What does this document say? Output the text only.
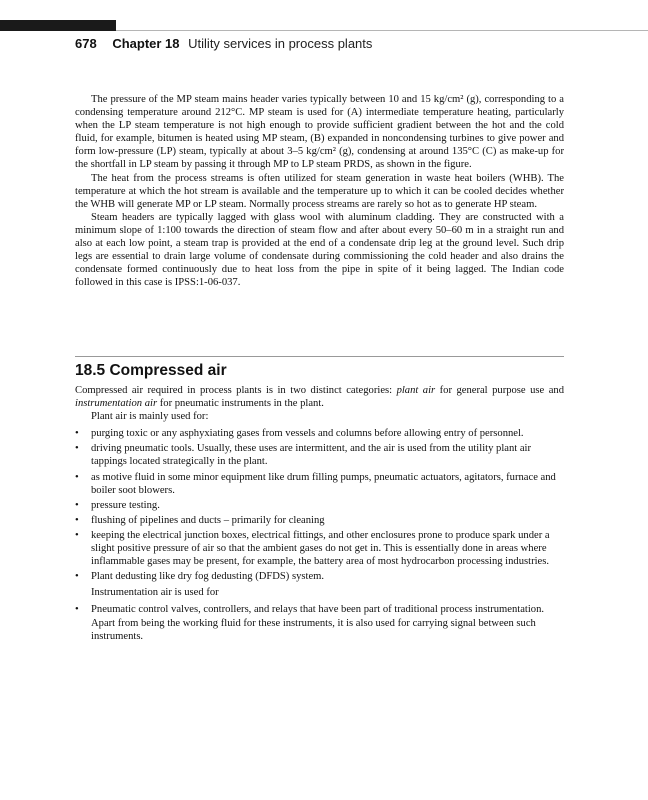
678 Chapter 18 Utility services in process plants

The pressure of the MP steam mains header varies typically between 10 and 15 kg/cm² (g), corresponding to a condensing temperature around 212°C. MP steam is used for (A) intermediate temperature heating, particularly when the LP steam temperature is not high enough to provide sufficient gradient between the hot and the cold fluid, for example, bitumen is heated using MP steam, (B) expanded in noncondensing turbines to give power and form low-pressure (LP) steam, typically at about 3–5 kg/cm² (g), condensing at around 135°C (C) as make-up for the shortfall in LP steam by passing it through MP to LP steam PRDS, as shown in the figure.

The heat from the process streams is often utilized for steam generation in waste heat boilers (WHB). The temperature at which the hot stream is available and the temperature up to which it can be cooled decides whether the WHB will generate MP or LP steam. Normally process streams are rarely so hot as to generate HP steam.

Steam headers are typically lagged with glass wool with aluminum cladding. They are constructed with a minimum slope of 1:100 towards the direction of steam flow and after about every 50–60 m in a straight run and also at each low point, a steam trap is provided at the end of a condensate drip leg at the ground level. Such drip legs are essential to drain large volume of condensate during commissioning the cold header and also drains the condensate formed continuously due to heat loss from the pipe in spite of it being lagged. The Indian code followed in this case is IPSS:1-06-037.

18.5 Compressed air

Compressed air required in process plants is in two distinct categories: plant air for general purpose use and instrumentation air for pneumatic instruments in the plant.

Plant air is mainly used for:

• purging toxic or any asphyxiating gases from vessels and columns before allowing entry of personnel.
• driving pneumatic tools. Usually, these uses are intermittent, and the air is used from the utility plant air tappings located strategically in the plant.
• as motive fluid in some minor equipment like drum filling pumps, pneumatic actuators, agitators, furnace and boiler soot blowers.
• pressure testing.
• flushing of pipelines and ducts – primarily for cleaning
• keeping the electrical junction boxes, electrical fittings, and other enclosures prone to produce spark under a slight positive pressure of air so that the ambient gases do not get in. This is essentially done in areas where inflammable gases may be present, for example, the battery area of most hydrocarbon processing industries.
• Plant dedusting like dry fog dedusting (DFDS) system.

Instrumentation air is used for

• Pneumatic control valves, controllers, and relays that have been part of traditional process instrumentation. Apart from being the working fluid for these instruments, it is also used for carrying signal between such instruments.
